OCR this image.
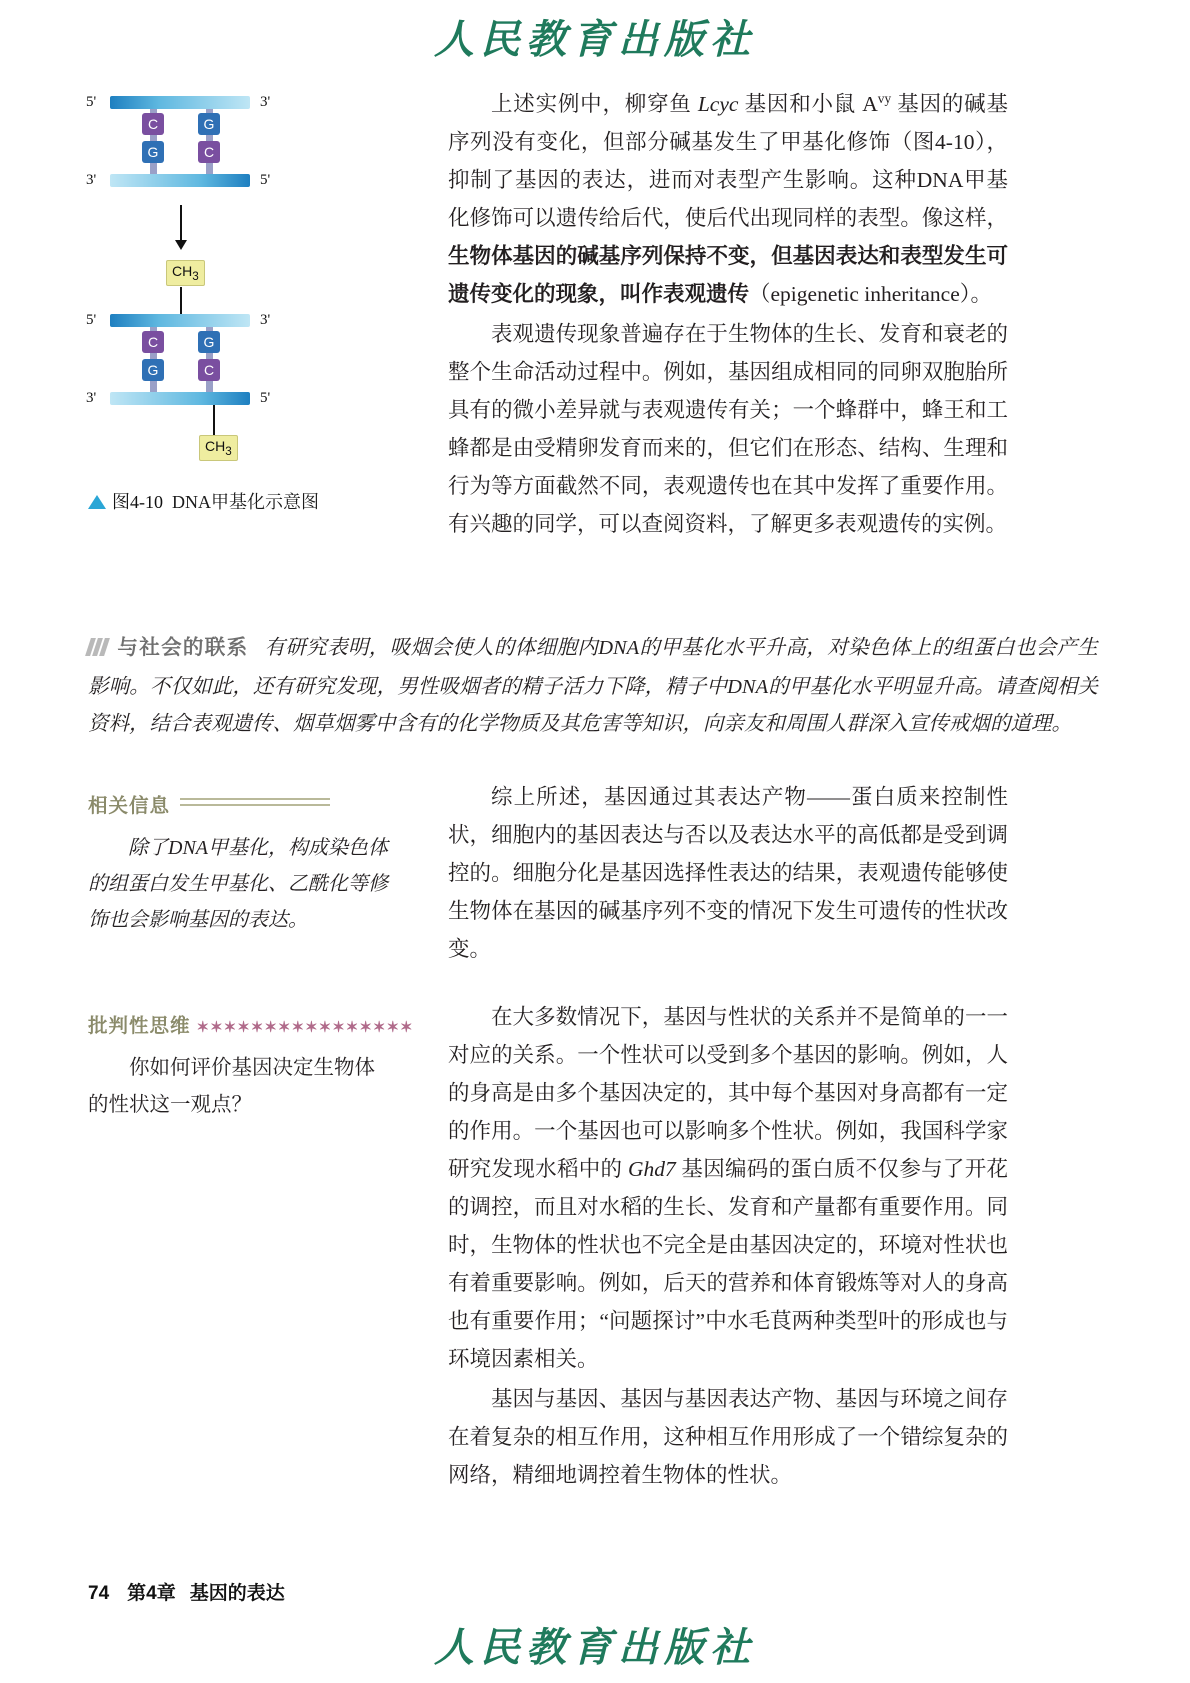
人民教育出版社
5'	3'
3'	5'
C	G
G	C
$CH_3$
5'	3'
3'	5'
C	G
G	C
$CH_3$
图4-10 DNA甲基化示意图

上述实例中，柳穿鱼 Lcyc 基因和小鼠 $A^{vy}$ 基因的碱基序列没有变化，但部分碱基发生了甲基化修饰（图4-10），抑制了基因的表达，进而对表型产生影响。这种DNA甲基化修饰可以遗传给后代，使后代出现同样的表型。像这样，生物体基因的碱基序列保持不变，但基因表达和表型发生可遗传变化的现象，叫作表观遗传（epigenetic inheritance）。

表观遗传现象普遍存在于生物体的生长、发育和衰老的整个生命活动过程中。例如，基因组成相同的同卵双胞胎所具有的微小差异就与表观遗传有关；一个蜂群中，蜂王和工蜂都是由受精卵发育而来的，但它们在形态、结构、生理和行为等方面截然不同，表观遗传也在其中发挥了重要作用。有兴趣的同学，可以查阅资料，了解更多表观遗传的实例。

与社会的联系 有研究表明，吸烟会使人的体细胞内DNA的甲基化水平升高，对染色体上的组蛋白也会产生影响。不仅如此，还有研究发现，男性吸烟者的精子活力下降，精子中DNA的甲基化水平明显升高。请查阅相关资料，结合表观遗传、烟草烟雾中含有的化学物质及其危害等知识，向亲友和周围人群深入宣传戒烟的道理。
相关信息
除了DNA甲基化，构成染色体的组蛋白发生甲基化、乙酰化等修饰也会影响基因的表达。
批判性思维 ✶✶✶✶✶✶✶✶✶✶✶✶✶✶✶✶
你如何评价基因决定生物体的性状这一观点？

综上所述，基因通过其表达产物——蛋白质来控制性状，细胞内的基因表达与否以及表达水平的高低都是受到调控的。细胞分化是基因选择性表达的结果，表观遗传能够使生物体在基因的碱基序列不变的情况下发生可遗传的性状改变。

在大多数情况下，基因与性状的关系并不是简单的一一对应的关系。一个性状可以受到多个基因的影响。例如，人的身高是由多个基因决定的，其中每个基因对身高都有一定的作用。一个基因也可以影响多个性状。例如，我国科学家研究发现水稻中的 Ghd7 基因编码的蛋白质不仅参与了开花的调控，而且对水稻的生长、发育和产量都有重要作用。同时，生物体的性状也不完全是由基因决定的，环境对性状也有着重要影响。例如，后天的营养和体育锻炼等对人的身高也有重要作用；“问题探讨”中水毛茛两种类型叶的形成也与环境因素相关。

基因与基因、基因与基因表达产物、基因与环境之间存在着复杂的相互作用，这种相互作用形成了一个错综复杂的网络，精细地调控着生物体的性状。

74 第4章 基因的表达
人民教育出版社
